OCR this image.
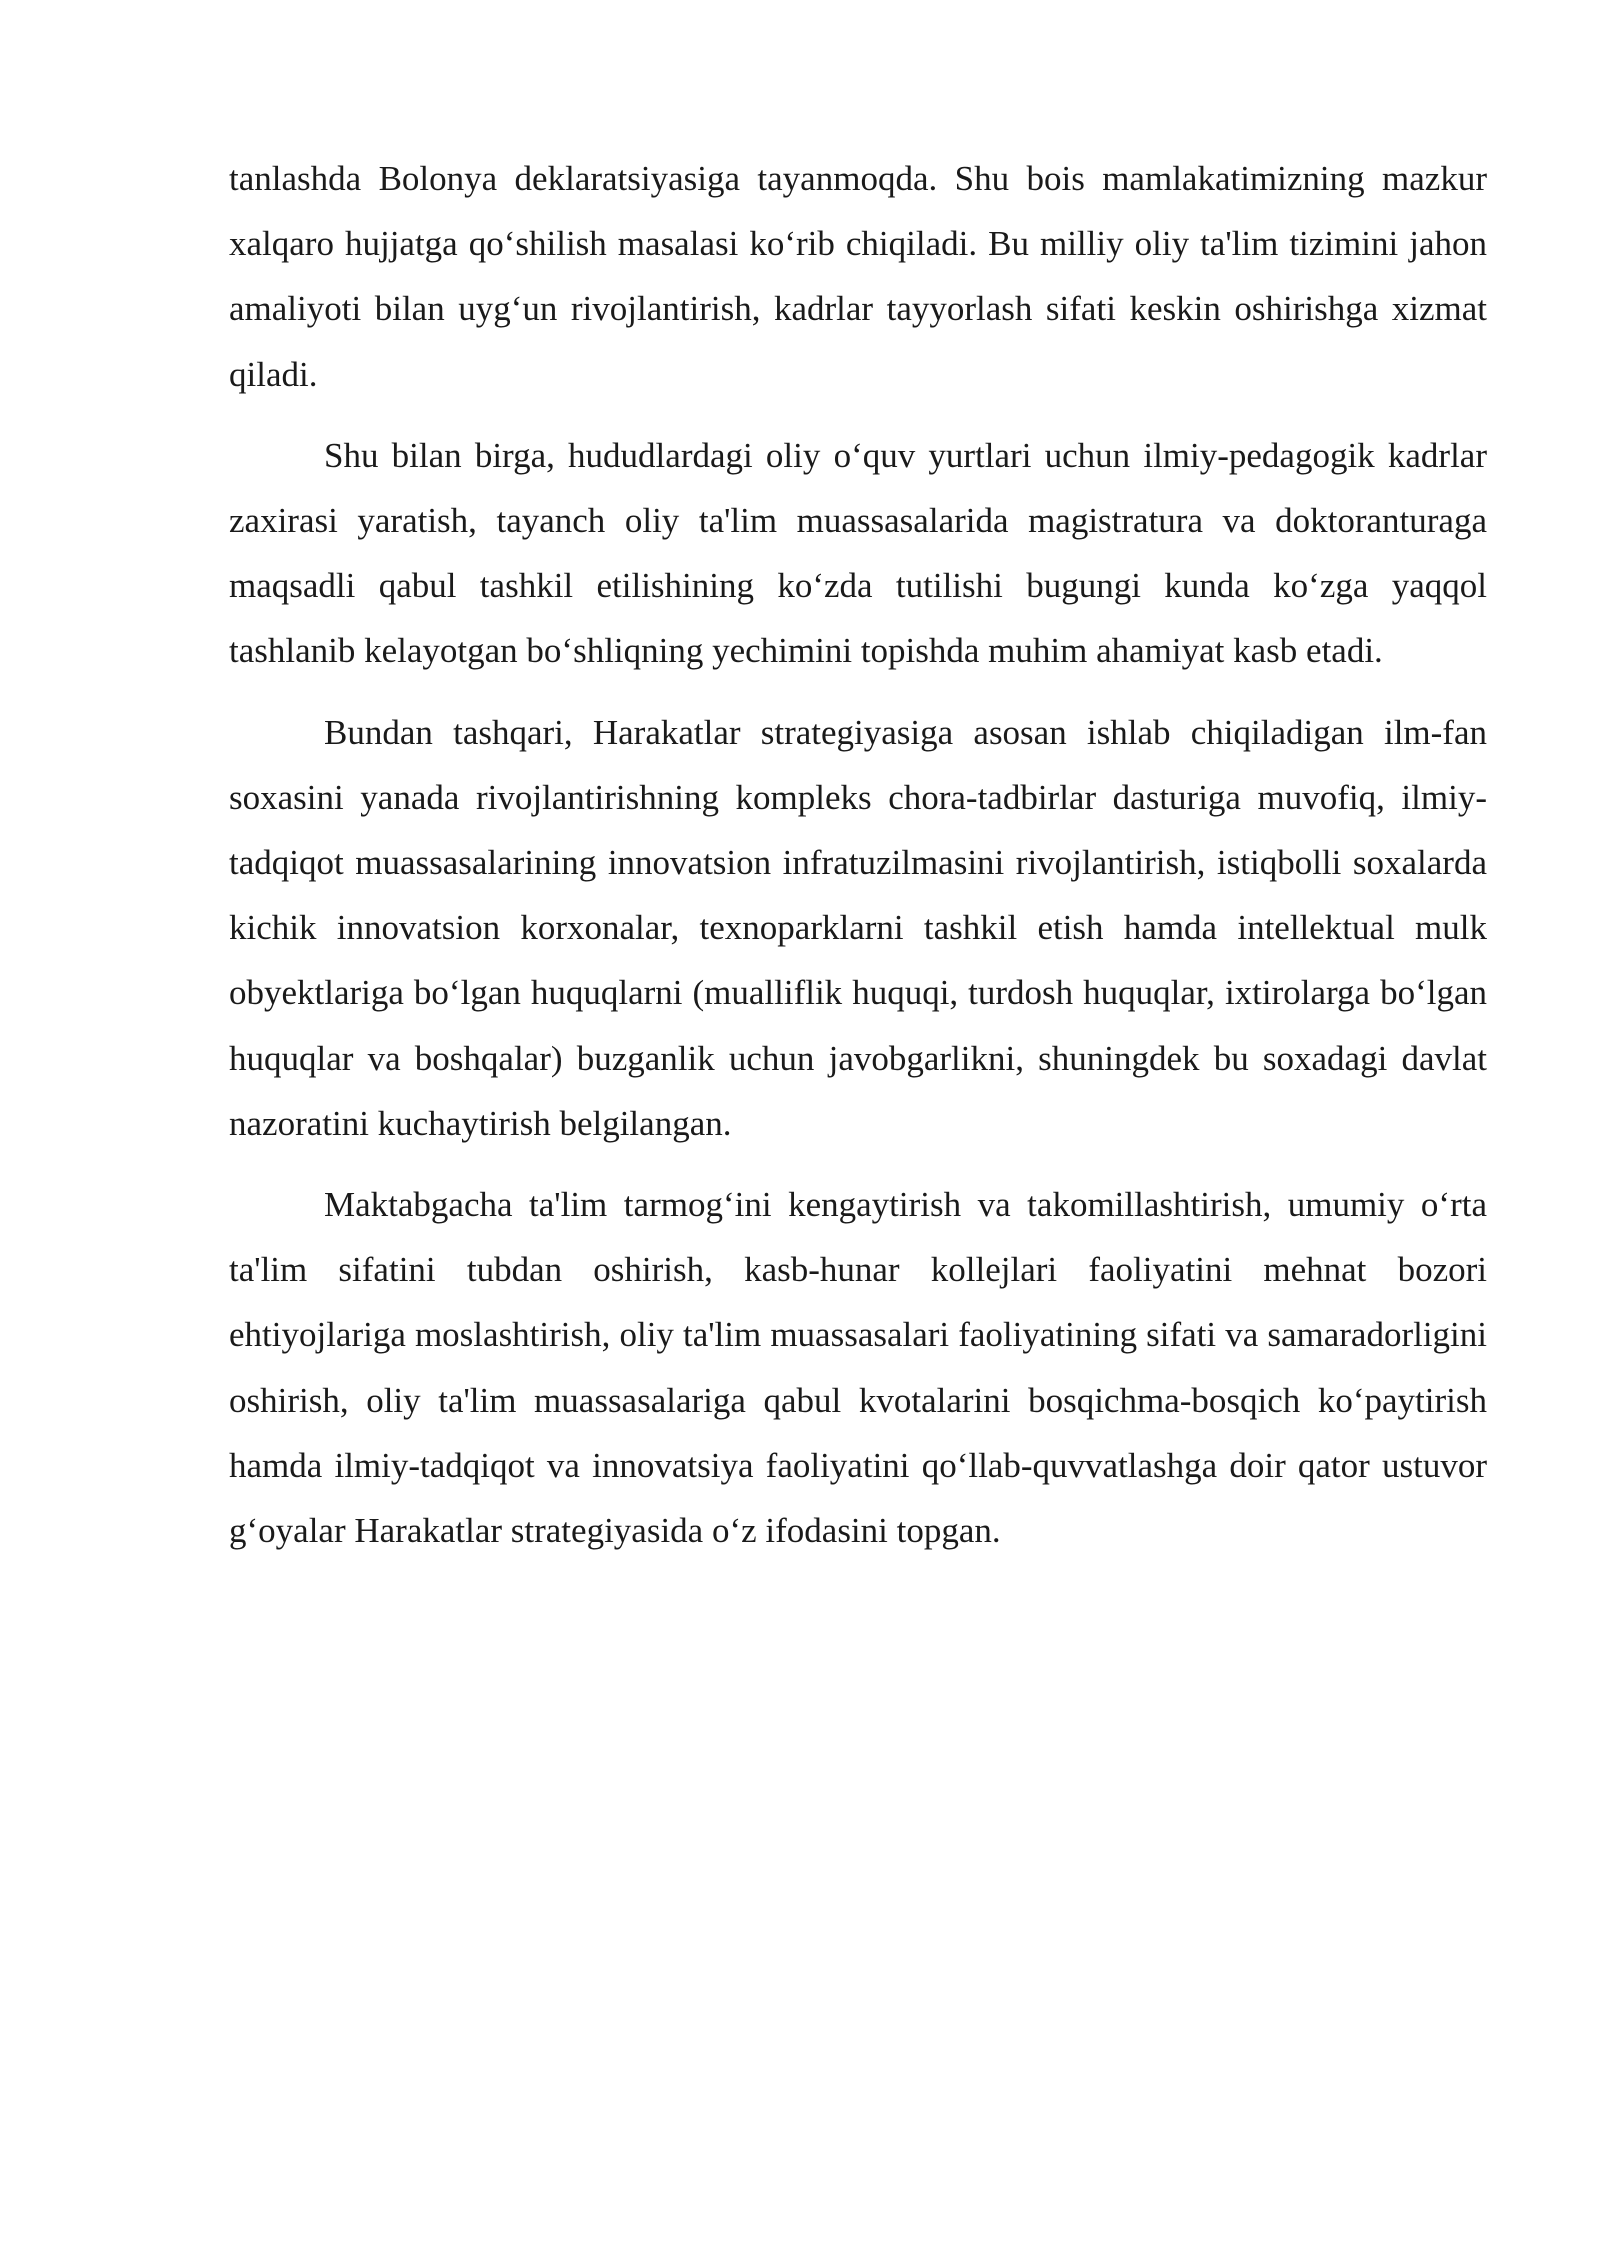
tanlashda Bolonya deklaratsiyasiga tayanmoqda. Shu bois mamlakatimizning mazkur xalqaro hujjatga qo‘shilish masalasi ko‘rib chiqiladi. Bu milliy oliy ta'lim tizimini jahon amaliyoti bilan uyg‘un rivojlantirish, kadrlar tayyorlash sifati keskin oshirishga xizmat qiladi.

Shu bilan birga, hududlardagi oliy o‘quv yurtlari uchun ilmiy-pedagogik kadrlar zaxirasi yaratish, tayanch oliy ta'lim muassasalarida magistratura va doktoranturaga maqsadli qabul tashkil etilishining ko‘zda tutilishi bugungi kunda ko‘zga yaqqol tashlanib kelayotgan bo‘shliqning yechimini topishda muhim ahamiyat kasb etadi.

Bundan tashqari, Harakatlar strategiyasiga asosan ishlab chiqiladigan ilm-fan soxasini yanada rivojlantirishning kompleks chora-tadbirlar dasturiga muvofiq, ilmiy-tadqiqot muassasalarining innovatsion infratuzilmasini rivojlantirish, istiqbolli soxalarda kichik innovatsion korxonalar, texnoparklarni tashkil etish hamda intellektual mulk obyektlariga bo‘lgan huquqlarni (mualliflik huquqi, turdosh huquqlar, ixtirolarga bo‘lgan huquqlar va boshqalar) buzganlik uchun javobgarlikni, shuningdek bu soxadagi davlat nazoratini kuchaytirish belgilangan.

Maktabgacha ta'lim tarmog‘ini kengaytirish va takomillashtirish, umumiy o‘rta ta'lim sifatini tubdan oshirish, kasb-hunar kollejlari faoliyatini mehnat bozori ehtiyojlariga moslashtirish, oliy ta'lim muassasalari faoliyatining sifati va samaradorligini oshirish, oliy ta'lim muassasalariga qabul kvotalarini bosqichma-bosqich ko‘paytirish hamda ilmiy-tadqiqot va innovatsiya faoliyatini qo‘llab-quvvatlashga doir qator ustuvor g‘oyalar Harakatlar strategiyasida o‘z ifodasini topgan.
